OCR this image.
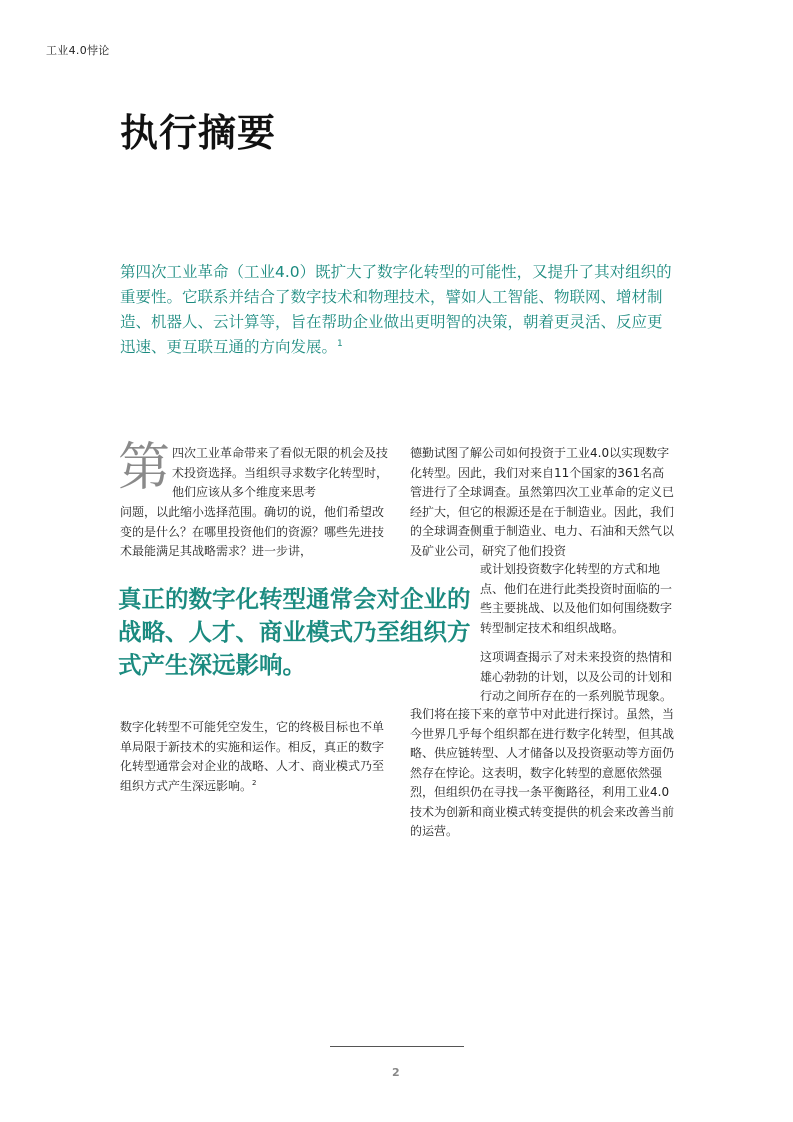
工业4.0悖论
执行摘要
第四次工业革命（工业4.0）既扩大了数字化转型的可能性，又提升了其对组织的重要性。它联系并结合了数字技术和物理技术，譬如人工智能、物联网、增材制造、机器人、云计算等，旨在帮助企业做出更明智的决策，朝着更灵活、反应更迅速、更互联互通的方向发展。$^1$
第 四次工业革命带来了看似无限的机会及技术投资选择。当组织寻求数字化转型时，他们应该从多个维度来思考
问题，以此缩小选择范围。确切的说，他们希望改变的是什么？在哪里投资他们的资源？哪些先进技术最能满足其战略需求？进一步讲，
真正的数字化转型通常会对企业的战略、人才、商业模式乃至组织方式产生深远影响。
数字化转型不可能凭空发生，它的终极目标也不单单局限于新技术的实施和运作。相反，真正的数字化转型通常会对企业的战略、人才、商业模式乃至组织方式产生深远影响。$^2$
德勤试图了解公司如何投资于工业4.0以实现数字化转型。因此，我们对来自11个国家的361名高管进行了全球调查。虽然第四次工业革命的定义已经扩大，但它的根源还是在于制造业。因此，我们的全球调查侧重于制造业、电力、石油和天然气以及矿业公司，研究了他们投资
或计划投资数字化转型的方式和地点、他们在进行此类投资时面临的一些主要挑战、以及他们如何围绕数字转型制定技术和组织战略。
这项调查揭示了对未来投资的热情和雄心勃勃的计划，以及公司的计划和行动之间所存在的一系列脱节现象。
我们将在接下来的章节中对此进行探讨。虽然，当今世界几乎每个组织都在进行数字化转型，但其战略、供应链转型、人才储备以及投资驱动等方面仍然存在悖论。这表明，数字化转型的意愿依然强烈，但组织仍在寻找一条平衡路径，利用工业4.0技术为创新和商业模式转变提供的机会来改善当前的运营。
2
